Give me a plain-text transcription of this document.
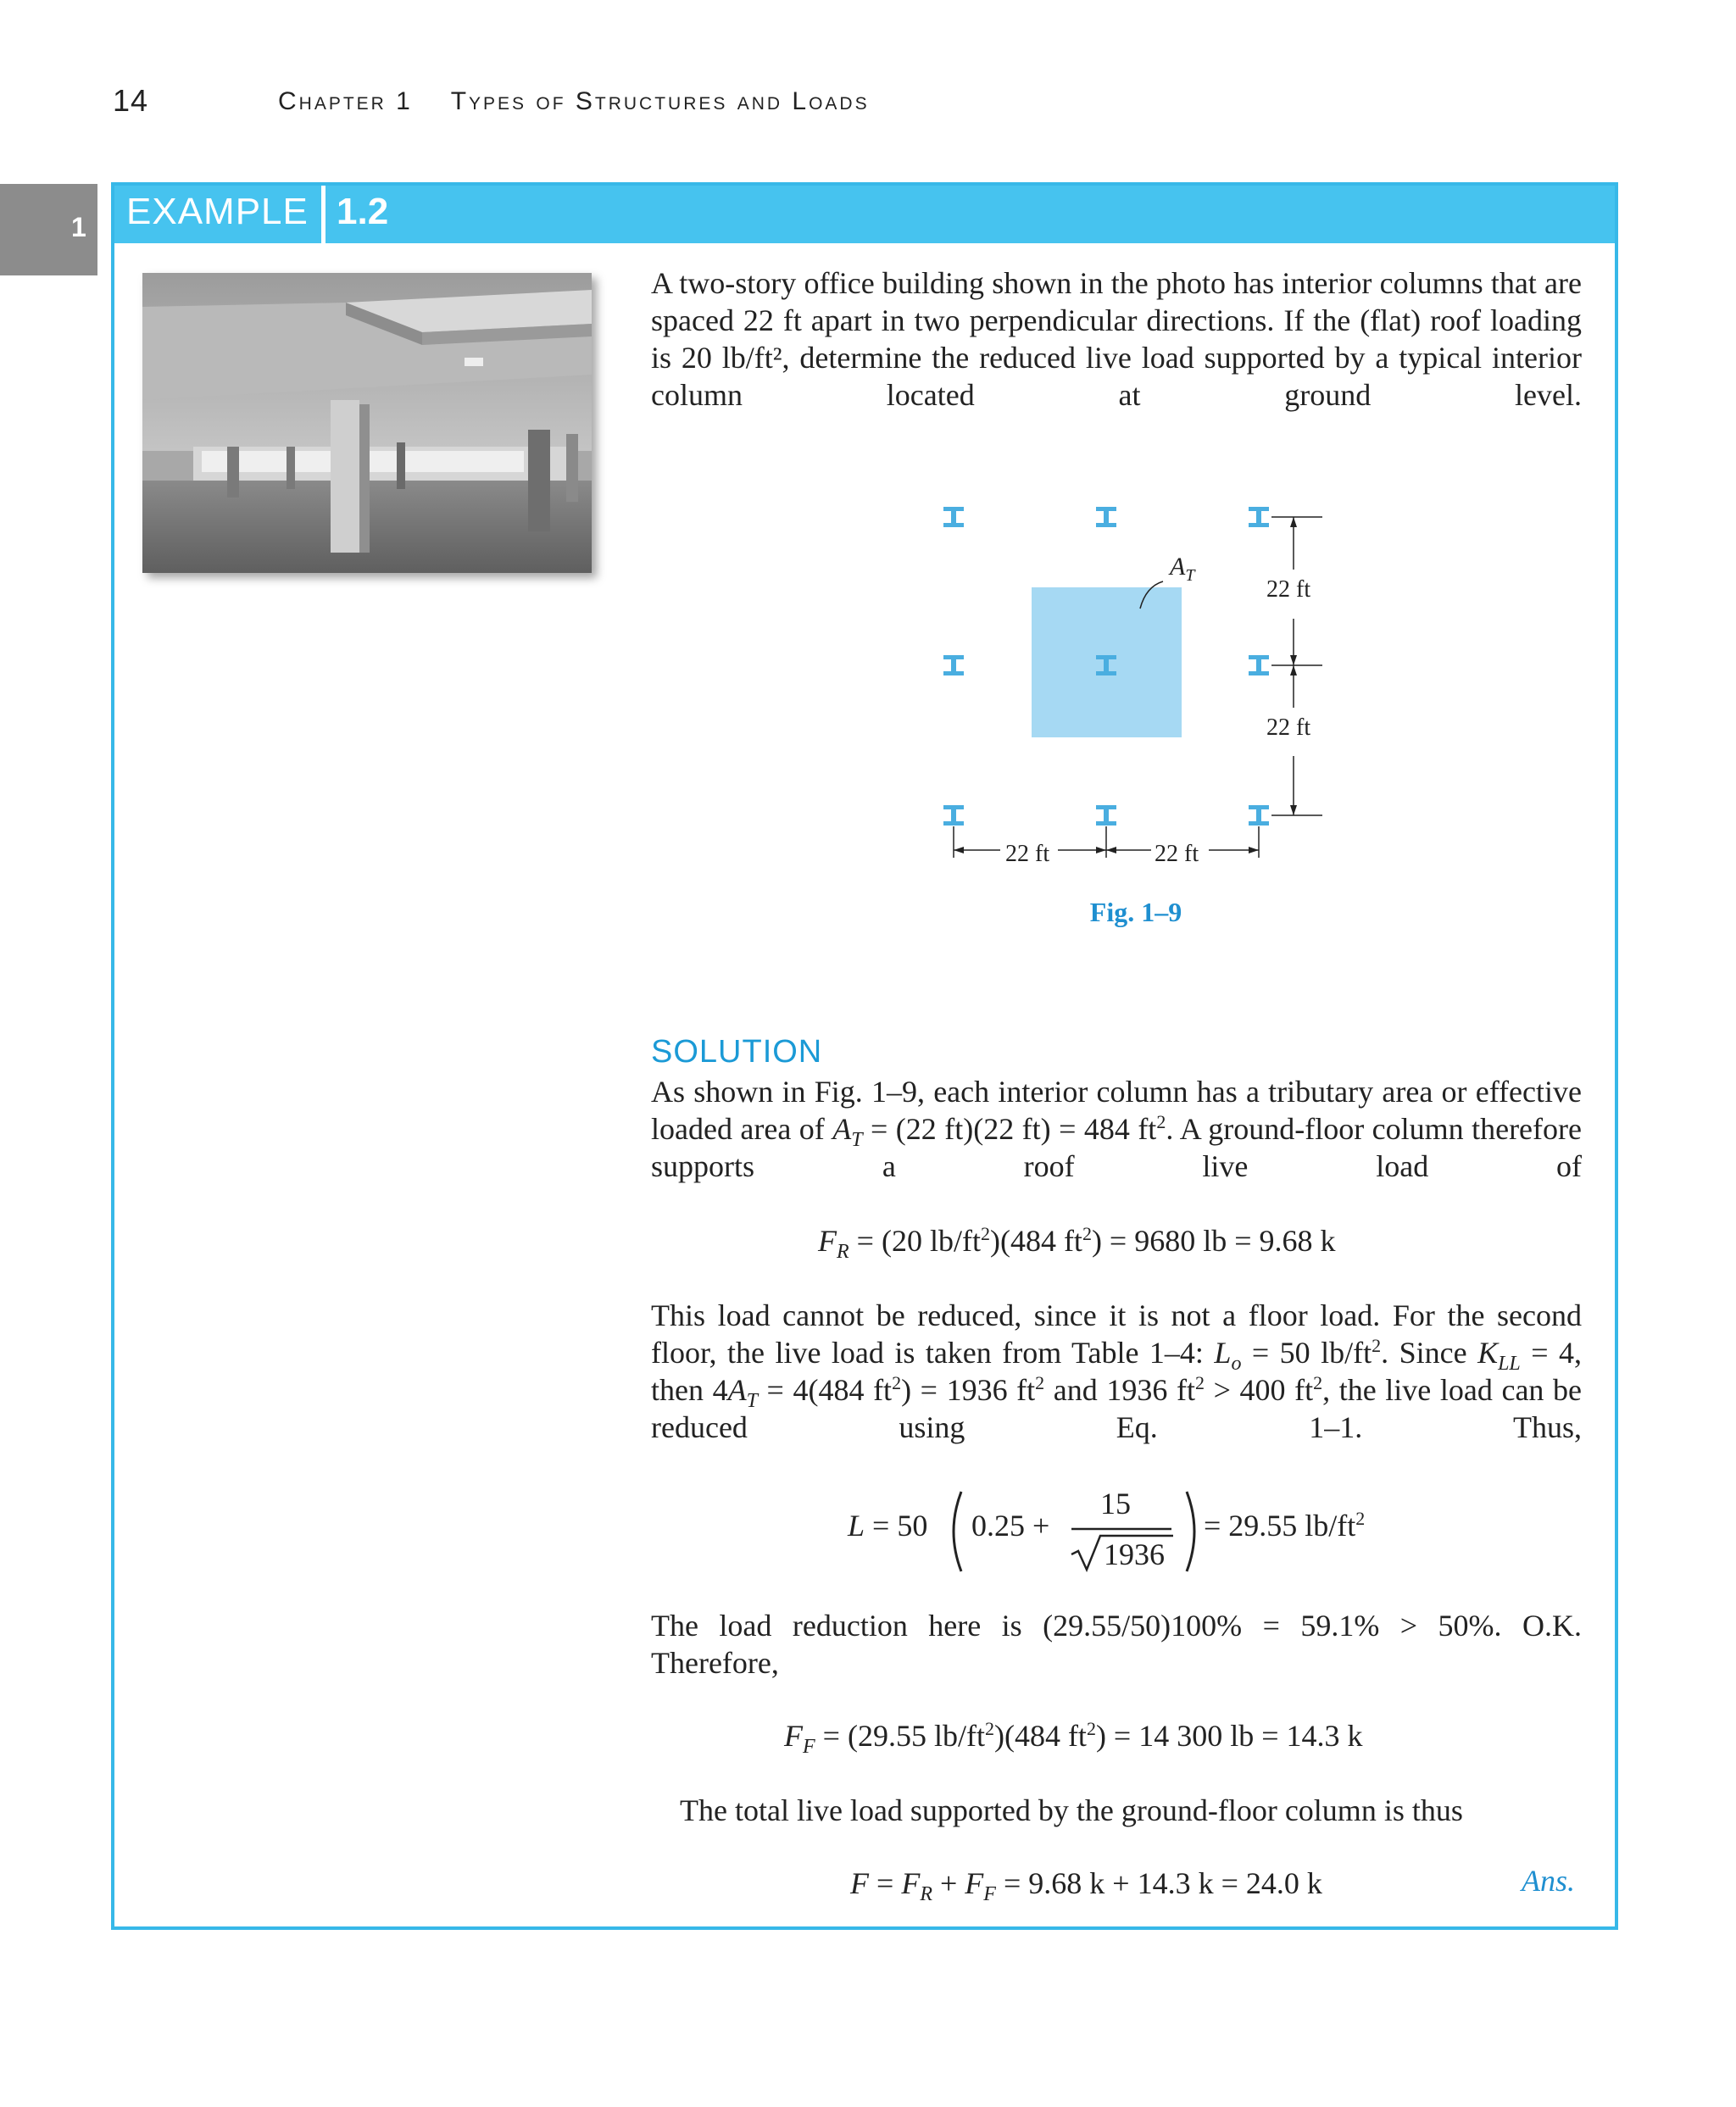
14	Chapter 1 Types of Structures and Loads
1 EXAMPLE 1.2
A two-story office building shown in the photo has interior columns that are spaced 22 ft apart in two perpendicular directions. If the (flat) roof loading is 20 lb/ft², determine the reduced live load supported by a typical interior column located at ground level.
$A_T$
22 ft
22 ft
22 ft	22 ft
Fig. 1–9
SOLUTION
As shown in Fig. 1–9, each interior column has a tributary area or effective loaded area of $A_T = (22$ ft)(22 ft) = 484 $ft^2$. A ground-floor column therefore supports a roof live load of
$F_R = (20$ $lb/ft^2)(484$ $ft^2) = 9680$ lb = 9.68 k
This load cannot be reduced, since it is not a floor load. For the second floor, the live load is taken from Table 1–4: $L_o = 50$ $lb/ft^2$. Since $K_{LL} = 4$, then $4A_T = 4(484$ $ft^2) = 1936$ $ft^2$ and 1936 $ft^2 > 400$ $ft^2$, the live load can be reduced using Eq. 1–1. Thus,
L = 50 0.25 +
15
1936
= 29.55 $lb/ft^2$
The load reduction here is (29.55/50)100% = 59.1% > 50%. O.K. Therefore,
$F_F = (29.55$ $lb/ft^2)(484$ $ft^2) = 14$ 300 lb = 14.3 k
The total live load supported by the ground-floor column is thus
$F = F_R + F_F = 9.68$ k + 14.3 k = 24.0 k	Ans.
